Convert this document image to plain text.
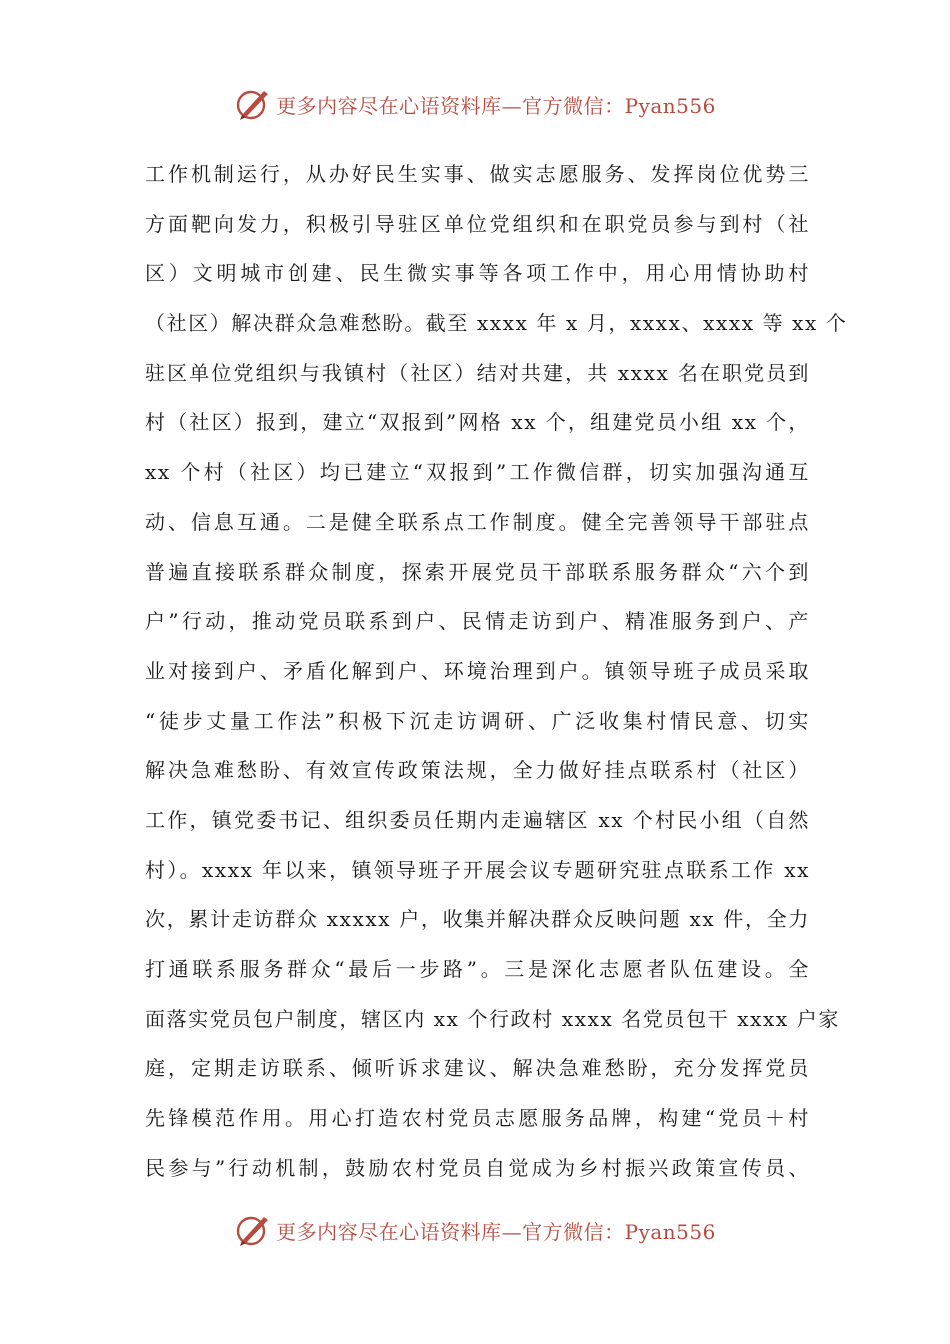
更多内容尽在心语资料库—官方微信：Pyan556
工作机制运行，从办好民生实事、做实志愿服务、发挥岗位优势三
方面靶向发力，积极引导驻区单位党组织和在职党员参与到村（社
区）文明城市创建、民生微实事等各项工作中，用心用情协助村
（社区）解决群众急难愁盼。截至 xxxx 年 x 月，xxxx、xxxx 等 xx 个
驻区单位党组织与我镇村（社区）结对共建，共 xxxx 名在职党员到
村（社区）报到，建立“双报到”网格 xx 个，组建党员小组 xx 个，
xx 个村（社区）均已建立“双报到”工作微信群，切实加强沟通互
动、信息互通。二是健全联系点工作制度。健全完善领导干部驻点
普遍直接联系群众制度，探索开展党员干部联系服务群众“六个到
户”行动，推动党员联系到户、民情走访到户、精准服务到户、产
业对接到户、矛盾化解到户、环境治理到户。镇领导班子成员采取
“徒步丈量工作法”积极下沉走访调研、广泛收集村情民意、切实
解决急难愁盼、有效宣传政策法规，全力做好挂点联系村（社区）
工作，镇党委书记、组织委员任期内走遍辖区 xx 个村民小组（自然
村）。xxxx 年以来，镇领导班子开展会议专题研究驻点联系工作 xx
次，累计走访群众 xxxxx 户，收集并解决群众反映问题 xx 件，全力
打通联系服务群众“最后一步路”。三是深化志愿者队伍建设。全
面落实党员包户制度，辖区内 xx 个行政村 xxxx 名党员包干 xxxx 户家
庭，定期走访联系、倾听诉求建议、解决急难愁盼，充分发挥党员
先锋模范作用。用心打造农村党员志愿服务品牌，构建“党员＋村
民参与”行动机制，鼓励农村党员自觉成为乡村振兴政策宣传员、
更多内容尽在心语资料库—官方微信：Pyan556
